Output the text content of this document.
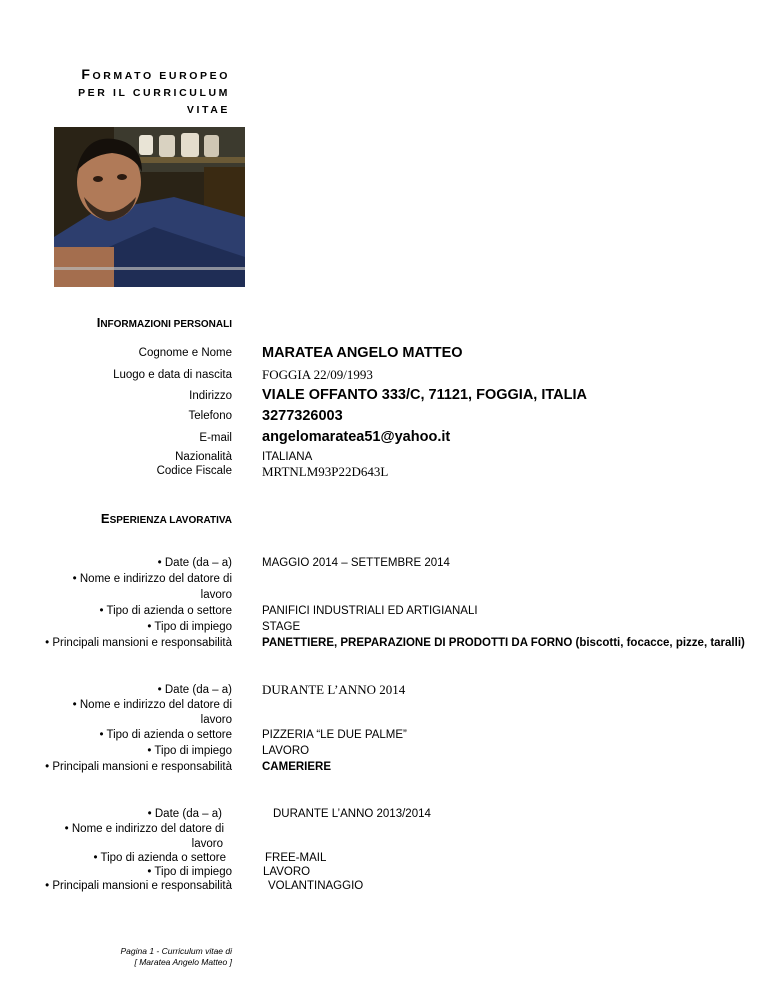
FORMATO EUROPEO
PER IL CURRICULUM
VITAE
INFORMAZIONI PERSONALI
Cognome e Nome MARATEA ANGELO MATTEO
Luogo e data di nascita FOGGIA 22/09/1993
Indirizzo VIALE OFFANTO 333/C, 71121, FOGGIA, ITALIA
Telefono 3277326003
E-mail angelomaratea51@yahoo.it
Nazionalità	ITALIANA
Codice Fiscale MRTNLM93P22D643L
ESPERIENZA LAVORATIVA
• Date (da – a)
• Nome e indirizzo del datore di
lavoro
• Tipo di azienda o settore
• Tipo di impiego
• Principali mansioni e responsabilità
MAGGIO 2014 – SETTEMBRE 2014
PANIFICI INDUSTRIALI ED ARTIGIANALI
STAGE
PANETTIERE, PREPARAZIONE DI PRODOTTI DA FORNO (biscotti, focacce, pizze, taralli)
• Date (da – a)
• Nome e indirizzo del datore di
lavoro
• Tipo di azienda o settore
• Tipo di impiego
• Principali mansioni e responsabilità
DURANTE L’ANNO 2014
PIZZERIA “LE DUE PALME”
LAVORO
CAMERIERE
• Date (da – a)
• Nome e indirizzo del datore di
lavoro
• Tipo di azienda o settore
• Tipo di impiego
• Principali mansioni e responsabilità
DURANTE L’ANNO 2013/2014
FREE-MAIL
LAVORO
VOLANTINAGGIO
Pagina 1 - Curriculum vitae di
[ Maratea Angelo Matteo ]
